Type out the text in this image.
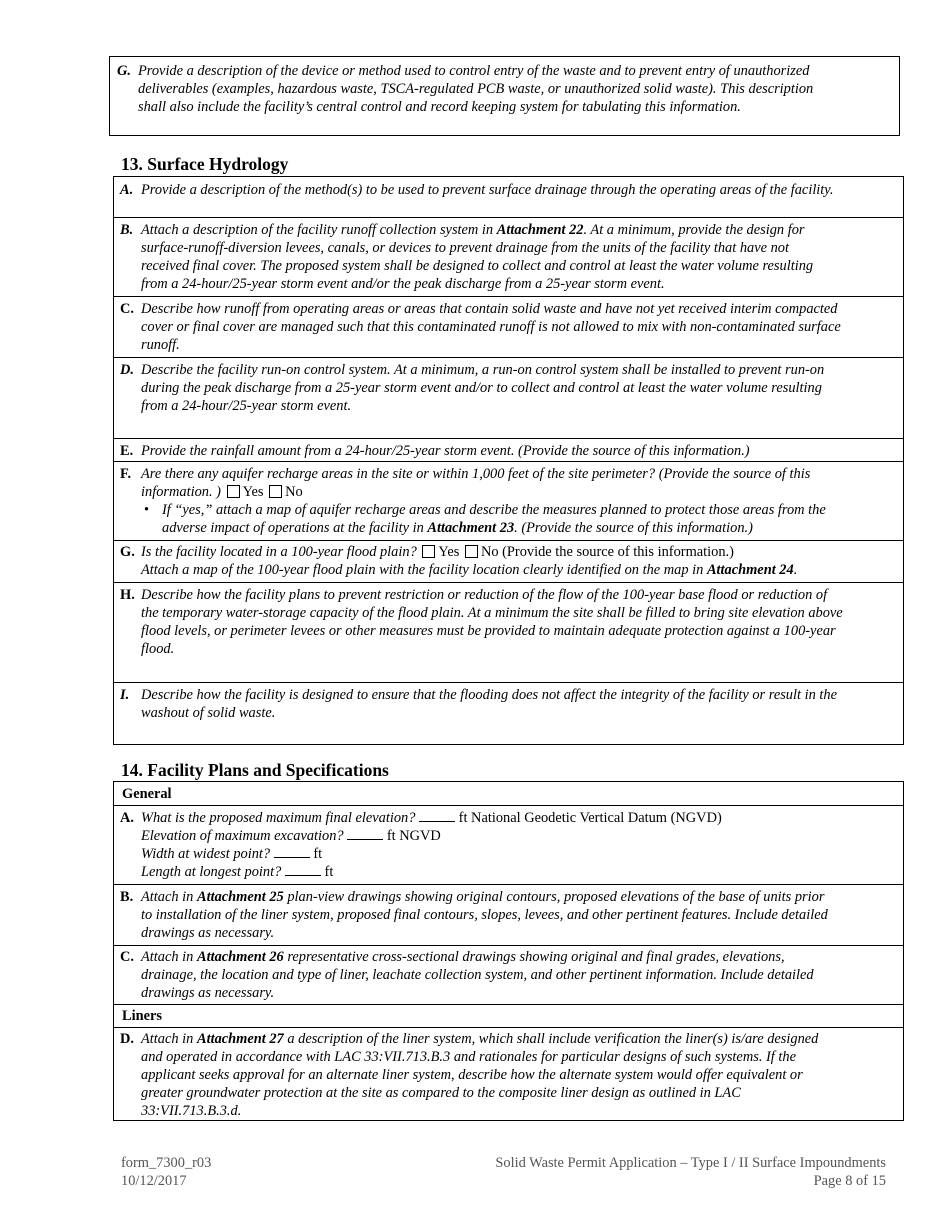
G. Provide a description of the device or method used to control entry of the waste and to prevent entry of unauthorized
deliverables (examples, hazardous waste, TSCA-regulated PCB waste, or unauthorized solid waste). This description
shall also include the facility’s central control and record keeping system for tabulating this information.
13. Surface Hydrology
A. Provide a description of the method(s) to be used to prevent surface drainage through the operating areas of the facility.
B. Attach a description of the facility runoff collection system in Attachment 22. At a minimum, provide the design for
surface-runoff-diversion levees, canals, or devices to prevent drainage from the units of the facility that have not
received final cover. The proposed system shall be designed to collect and control at least the water volume resulting
from a 24-hour/25-year storm event and/or the peak discharge from a 25-year storm event.
C. Describe how runoff from operating areas or areas that contain solid waste and have not yet received interim compacted
cover or final cover are managed such that this contaminated runoff is not allowed to mix with non-contaminated surface
runoff.
D. Describe the facility run-on control system. At a minimum, a run-on control system shall be installed to prevent run-on
during the peak discharge from a 25-year storm event and/or to collect and control at least the water volume resulting
from a 24-hour/25-year storm event.
E. Provide the rainfall amount from a 24-hour/25-year storm event. (Provide the source of this information.)
F. Are there any aquifer recharge areas in the site or within 1,000 feet of the site perimeter? (Provide the source of this
information. ) Yes No
• If “yes,” attach a map of aquifer recharge areas and describe the measures planned to protect those areas from the
adverse impact of operations at the facility in Attachment 23. (Provide the source of this information.)
G. Is the facility located in a 100-year flood plain? Yes No (Provide the source of this information.)
Attach a map of the 100-year flood plain with the facility location clearly identified on the map in Attachment 24.
H. Describe how the facility plans to prevent restriction or reduction of the flow of the 100-year base flood or reduction of
the temporary water-storage capacity of the flood plain. At a minimum the site shall be filled to bring site elevation above
flood levels, or perimeter levees or other measures must be provided to maintain adequate protection against a 100-year
flood.
I. Describe how the facility is designed to ensure that the flooding does not affect the integrity of the facility or result in the
washout of solid waste.
14. Facility Plans and Specifications
General
A. What is the proposed maximum final elevation?	ft National Geodetic Vertical Datum (NGVD)
Elevation of maximum excavation?	ft NGVD
Width at widest point?	ft
Length at longest point?	ft
B. Attach in Attachment 25 plan-view drawings showing original contours, proposed elevations of the base of units prior
to installation of the liner system, proposed final contours, slopes, levees, and other pertinent features. Include detailed
drawings as necessary.
C. Attach in Attachment 26 representative cross-sectional drawings showing original and final grades, elevations,
drainage, the location and type of liner, leachate collection system, and other pertinent information. Include detailed
drawings as necessary.
Liners
D. Attach in Attachment 27 a description of the liner system, which shall include verification the liner(s) is/are designed
and operated in accordance with LAC 33:VII.713.B.3 and rationales for particular designs of such systems. If the
applicant seeks approval for an alternate liner system, describe how the alternate system would offer equivalent or
greater groundwater protection at the site as compared to the composite liner design as outlined in LAC
33:VII.713.B.3.d.
form_7300_r03
10/12/2017
Solid Waste Permit Application – Type I / II Surface Impoundments
Page 8 of 15
